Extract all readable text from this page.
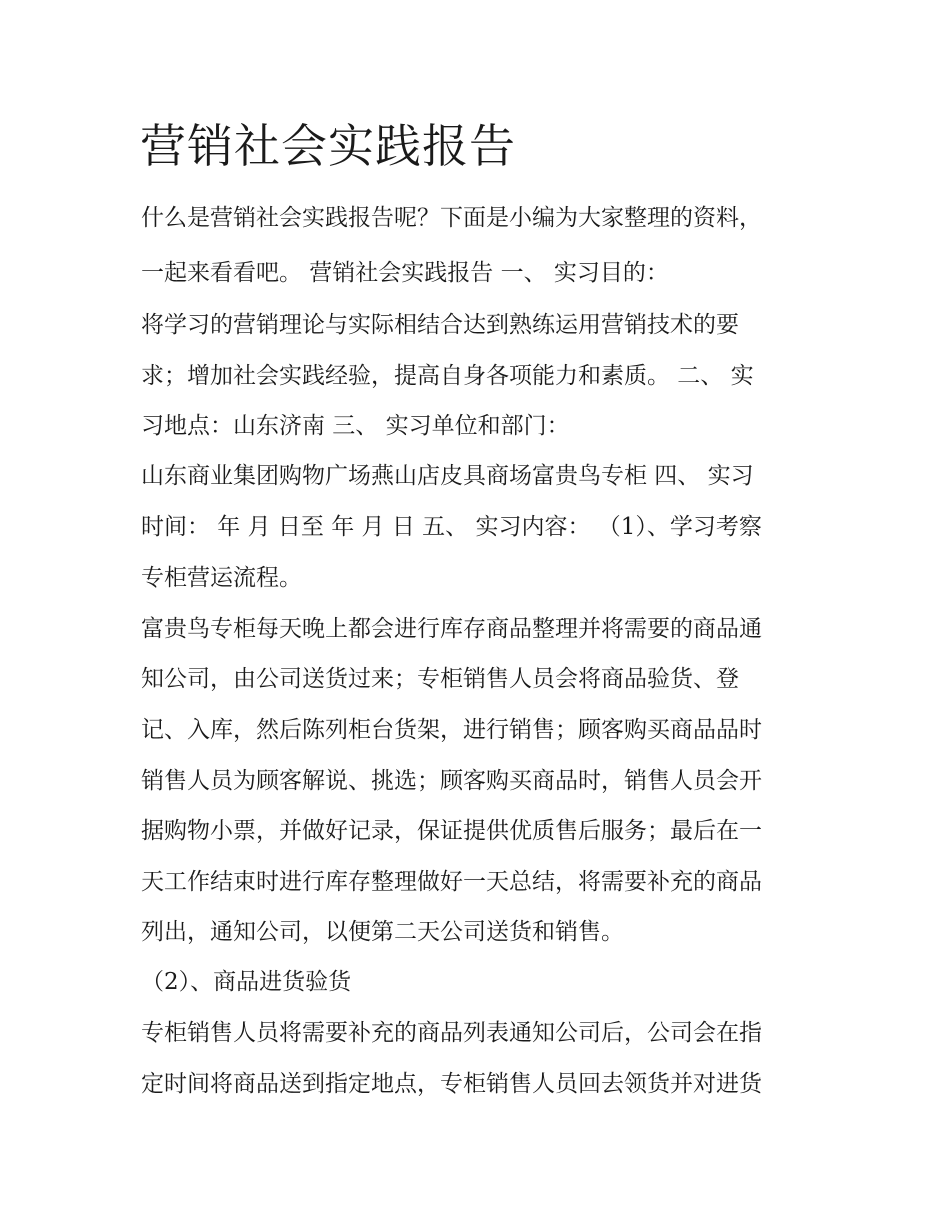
营销社会实践报告

什么是营销社会实践报告呢？下面是小编为大家整理的资料，

一起来看看吧。 营销社会实践报告 一、 实习目的：

将学习的营销理论与实际相结合达到熟练运用营销技术的要

求；增加社会实践经验，提高自身各项能力和素质。 二、 实

习地点：山东济南 三、 实习单位和部门：

山东商业集团购物广场燕山店皮具商场富贵鸟专柜 四、 实习

时间： 年 月 日至 年 月 日 五、 实习内容： （1）、学习考察

专柜营运流程。

富贵鸟专柜每天晚上都会进行库存商品整理并将需要的商品通

知公司，由公司送货过来；专柜销售人员会将商品验货、登

记、入库，然后陈列柜台货架，进行销售；顾客购买商品品时

销售人员为顾客解说、挑选；顾客购买商品时，销售人员会开

据购物小票，并做好记录，保证提供优质售后服务；最后在一

天工作结束时进行库存整理做好一天总结，将需要补充的商品

列出，通知公司，以便第二天公司送货和销售。

（2）、商品进货验货

专柜销售人员将需要补充的商品列表通知公司后，公司会在指

定时间将商品送到指定地点，专柜销售人员回去领货并对进货
